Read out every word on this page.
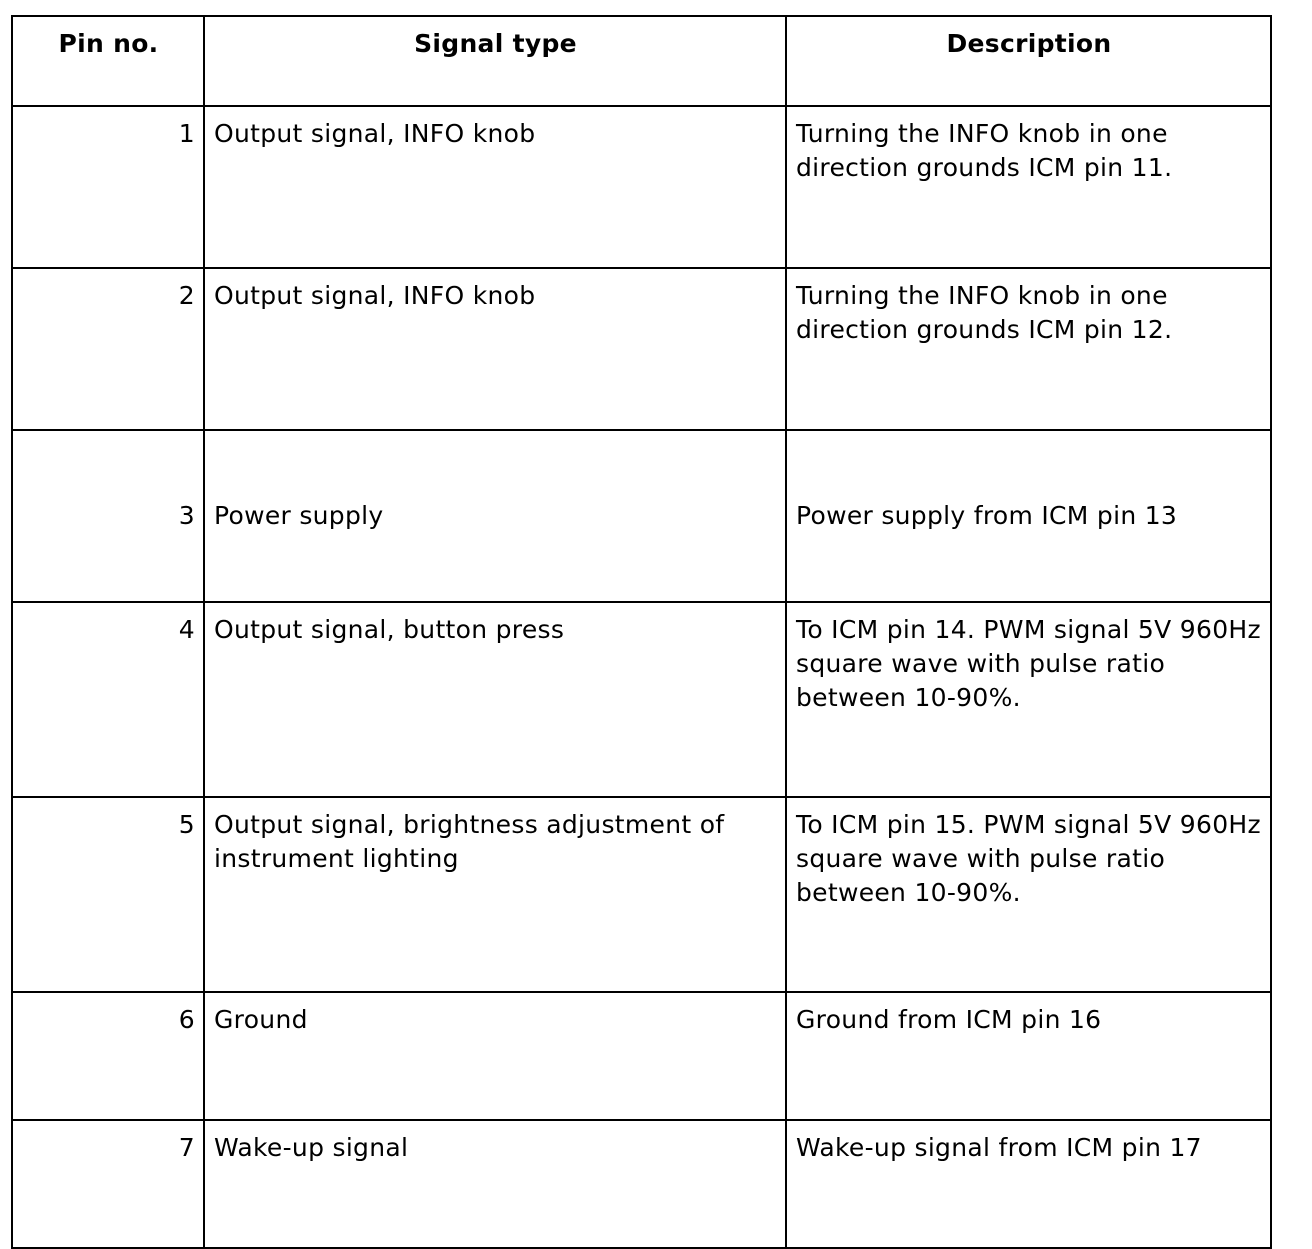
Pin no.	Signal type	Description
1	Output signal, INFO knob	Turning the INFO knob in one direction grounds ICM pin 11.
2	Output signal, INFO knob	Turning the INFO knob in one direction grounds ICM pin 12.
3	Power supply	Power supply from ICM pin 13
4	Output signal, button press	To ICM pin 14. PWM signal 5V 960Hz square wave with pulse ratio between 10-90%.
5	Output signal, brightness adjustment of instrument lighting	To ICM pin 15. PWM signal 5V 960Hz square wave with pulse ratio between 10-90%.
6	Ground	Ground from ICM pin 16
7	Wake-up signal	Wake-up signal from ICM pin 17
